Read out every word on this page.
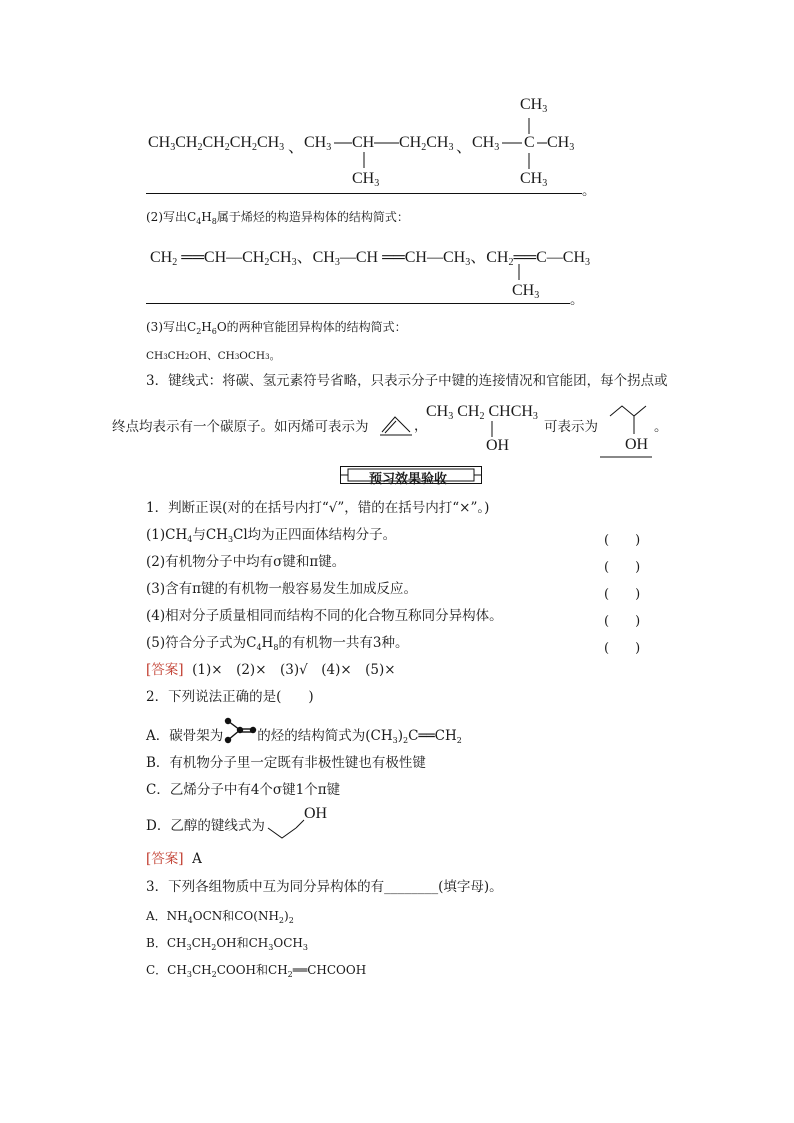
CH3CH2CH2CH2CH3 、 CH3 CH CH2CH3
CH3
、
CH3
CH3 C CH3
CH3	。
(2)写出$C_4H_8$属于烯烃的构造异构体的结构简式：
CH2 ══CH—CH2CH3、CH3—CH ══CH—CH3、CH2══C—CH3
CH3 。
(3)写出$C_2H_6O$的两种官能团异构体的结构简式：
CH3CH2OH、CH3OCH3。
3．键线式：将碳、氢元素符号省略，只表示分子中键的连接情况和官能团，每个拐点或
终点均表示有一个碳原子。如丙烯可表示为	，
CH3 CH2 CHCH3
OH
可表示为
OH
。
预习效果验收
1．判断正误(对的在括号内打“√”，错的在括号内打“×”。)
$(1)CH_4$与$CH_3Cl$均为正四面体结构分子。	(　　)
(2)有机物分子中均有σ键和π键。	(　　)
(3)含有π键的有机物一般容易发生加成反应。	(　　)
(4)相对分子质量相同而结构不同的化合物互称同分异构体。	(　　)
(5)符合分子式为$C_4H_8$的有机物一共有3种。	(　　)
[答案] (1)×　(2)×　(3)√　(4)×　(5)×
2．下列说法正确的是(　　)
A．碳骨架为	的烃的结构简式为$(CH_3)_2C══CH_2$
B．有机物分子里一定既有非极性键也有极性键
C．乙烯分子中有4个σ键1个π键
D．乙醇的键线式为
OH
[答案] A
3．下列各组物质中互为同分异构体的有________(填字母)。
A．$NH_4OCN$和$CO(NH_2)_2$
B．$CH_3CH_2OH$和$CH_3OCH_3$
C．$CH_3CH_2COOH$和$CH_2══CHCOOH$
